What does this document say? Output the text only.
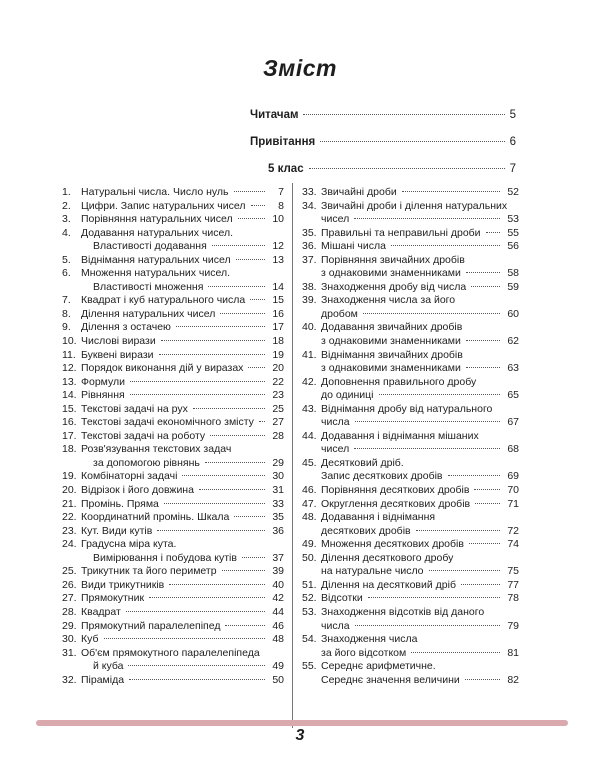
Зміст
Читачам	5
Привітання	6
5 клас	7
1. Натуральні числа. Число нуль	7
2. Цифри. Запис натуральних чисел	8
3. Порівняння натуральних чисел	10
4. Додавання натуральних чисел.
Властивості додавання	12
5. Віднімання натуральних чисел	13
6. Множення натуральних чисел.
Властивості множення	14
7. Квадрат і куб натурального числа	15
8. Ділення натуральних чисел	16
9. Ділення з остачею	17
10. Числові вирази	18
11. Буквені вирази	19
12. Порядок виконання дій у виразах	20
13. Формули	22
14. Рівняння	23
15. Текстові задачі на рух	25
16. Текстові задачі економічного змісту	27
17. Текстові задачі на роботу	28
18. Розв'язування текстових задач
за допомогою рівнянь	29
19. Комбінаторні задачі	30
20. Відрізок і його довжина	31
21. Промінь. Пряма	33
22. Координатний промінь. Шкала	35
23. Кут. Види кутів	36
24. Градусна міра кута.
Вимірювання і побудова кутів	37
25. Трикутник та його периметр	39
26. Види трикутників	40
27. Прямокутник	42
28. Квадрат	44
29. Прямокутний паралелепіпед	46
30. Куб	48
31. Об'єм прямокутного паралелепіпеда
й куба	49
32. Піраміда	50
33. Звичайні дроби	52
34. Звичайні дроби і ділення натуральних
чисел	53
35. Правильні та неправильні дроби	55
36. Мішані числа	56
37. Порівняння звичайних дробів
з однаковими знаменниками	58
38. Знаходження дробу від числа	59
39. Знаходження числа за його
дробом	60
40. Додавання звичайних дробів
з однаковими знаменниками	62
41. Віднімання звичайних дробів
з однаковими знаменниками	63
42. Доповнення правильного дробу
до одиниці	65
43. Віднімання дробу від натурального
числа	67
44. Додавання і віднімання мішаних
чисел	68
45. Десятковий дріб.
Запис десяткових дробів	69
46. Порівняння десяткових дробів	70
47. Округлення десяткових дробів	71
48. Додавання і віднімання
десяткових дробів	72
49. Множення десяткових дробів	74
50. Ділення десяткового дробу
на натуральне число	75
51. Ділення на десятковий дріб	77
52. Відсотки	78
53. Знаходження відсотків від даного
числа	79
54. Знаходження числа
за його відсотком	81
55. Середнє арифметичне.
Середнє значення величини	82
3
